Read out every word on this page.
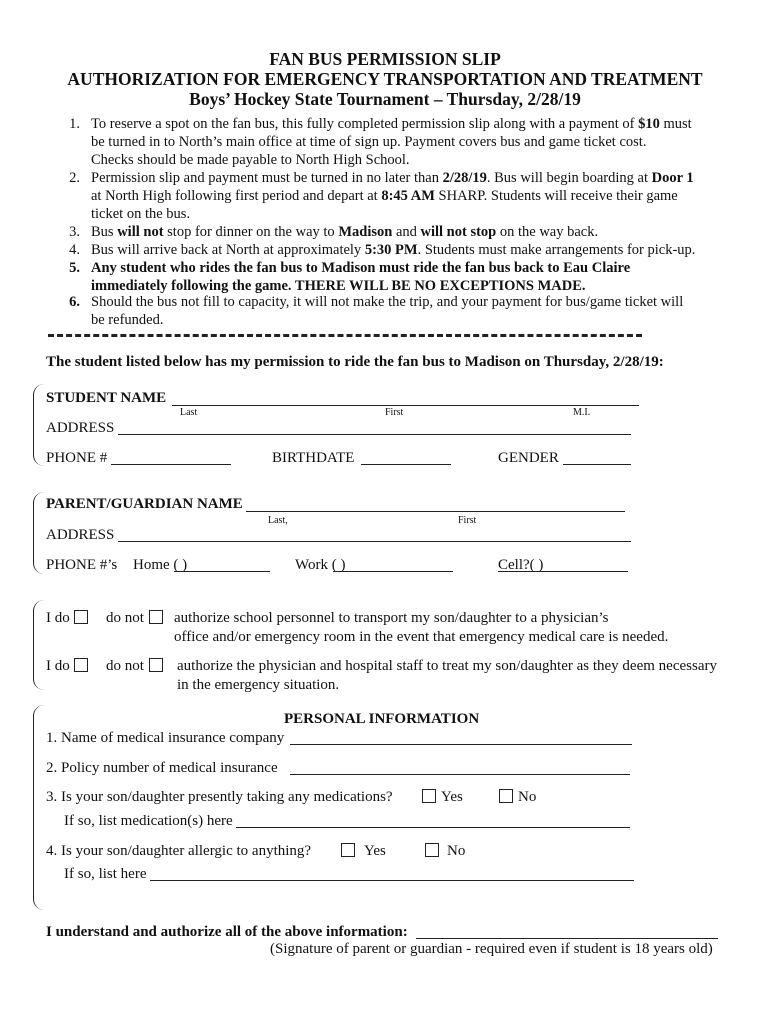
FAN BUS PERMISSION SLIP
AUTHORIZATION FOR EMERGENCY TRANSPORTATION AND TREATMENT
Boys’ Hockey State Tournament – Thursday, 2/28/19
1. To reserve a spot on the fan bus, this fully completed permission slip along with a payment of $10 must
be turned in to North’s main office at time of sign up. Payment covers bus and game ticket cost.
Checks should be made payable to North High School.
2. Permission slip and payment must be turned in no later than 2/28/19. Bus will begin boarding at Door 1
at North High following first period and depart at 8:45 AM SHARP. Students will receive their game
ticket on the bus.
3. Bus will not stop for dinner on the way to Madison and will not stop on the way back.
4. Bus will arrive back at North at approximately 5:30 PM. Students must make arrangements for pick-up.
5. Any student who rides the fan bus to Madison must ride the fan bus back to Eau Claire
immediately following the game. THERE WILL BE NO EXCEPTIONS MADE.
6. Should the bus not fill to capacity, it will not make the trip, and your payment for bus/game ticket will
be refunded.
The student listed below has my permission to ride the fan bus to Madison on Thursday, 2/28/19:
STUDENT NAME
Last	First	M.I.
ADDRESS
PHONE #	BIRTHDATE	GENDER
PARENT/GUARDIAN NAME
Last,	First
ADDRESS
PHONE #’s Home ( )	Work ( )	Cell?( )
I do do not authorize school personnel to transport my son/daughter to a physician’s
office and/or emergency room in the event that emergency medical care is needed.
I do do not authorize the physician and hospital staff to treat my son/daughter as they deem necessary
in the emergency situation.
PERSONAL INFORMATION
1. Name of medical insurance company
2. Policy number of medical insurance
3. Is your son/daughter presently taking any medications?	Yes	No
If so, list medication(s) here
4. Is your son/daughter allergic to anything?	Yes	No
If so, list here
I understand and authorize all of the above information:
(Signature of parent or guardian - required even if student is 18 years old)
